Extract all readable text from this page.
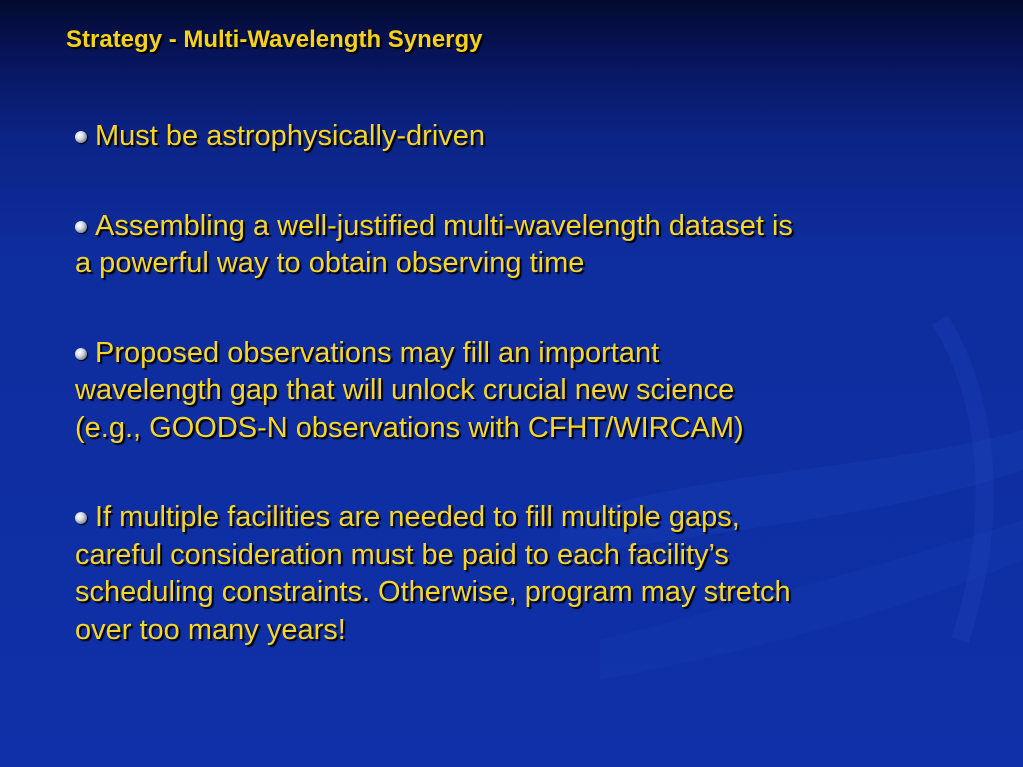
Strategy - Multi-Wavelength Synergy
Must be astrophysically-driven
Assembling a well-justified multi-wavelength dataset is
a powerful way to obtain observing time
Proposed observations may fill an important
wavelength gap that will unlock crucial new science
(e.g., GOODS-N observations with CFHT/WIRCAM)
If multiple facilities are needed to fill multiple gaps,
careful consideration must be paid to each facility’s
scheduling constraints. Otherwise, program may stretch
over too many years!
